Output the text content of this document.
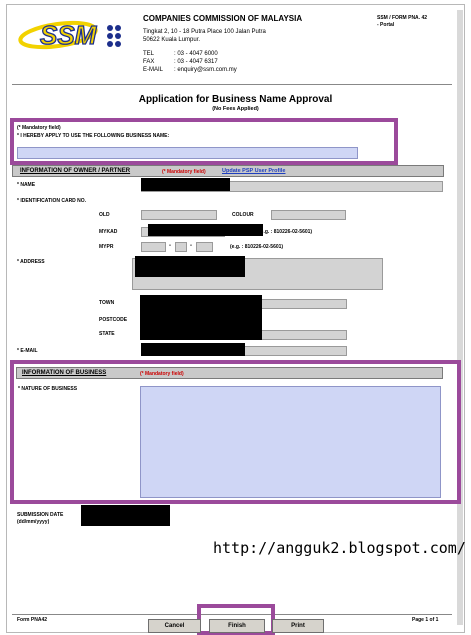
SSM
COMPANIES COMMISSION OF MALAYSIA
Tingkat 2, 10 - 18 Putra Place 100 Jalan Putra
50622 Kuala Lumpur.
TEL	: 03 - 4047 6000
FAX	: 03 - 4047 6317
E-MAIL : enquiry@ssm.com.my
SSM / FORM PNA. 42
- Portal
Application for Business Name Approval
(No Fees Applied)
(* Mandatory field)
* I HEREBY APPLY TO USE THE FOLLOWING BUSINESS NAME:
INFORMATION OF OWNER / PARTNER	(* Mandatory field)	Update PSP User Profile
* NAME
* IDENTIFICATION CARD NO.
OLD	COLOUR
MYKAD	(e.g. : 810226-02-5601)
MYPR	-	-	(e.g. : 810226-02-5601)
* ADDRESS
TOWN
POSTCODE
STATE
* E-MAIL
INFORMATION OF BUSINESS	(* Mandatory field)
* NATURE OF BUSINESS
SUBMISSION DATE
(dd/mm/yyyy)
http://angguk2.blogspot.com/
Form PNA42	Page 1 of 1
Cancel	Finish	Print
